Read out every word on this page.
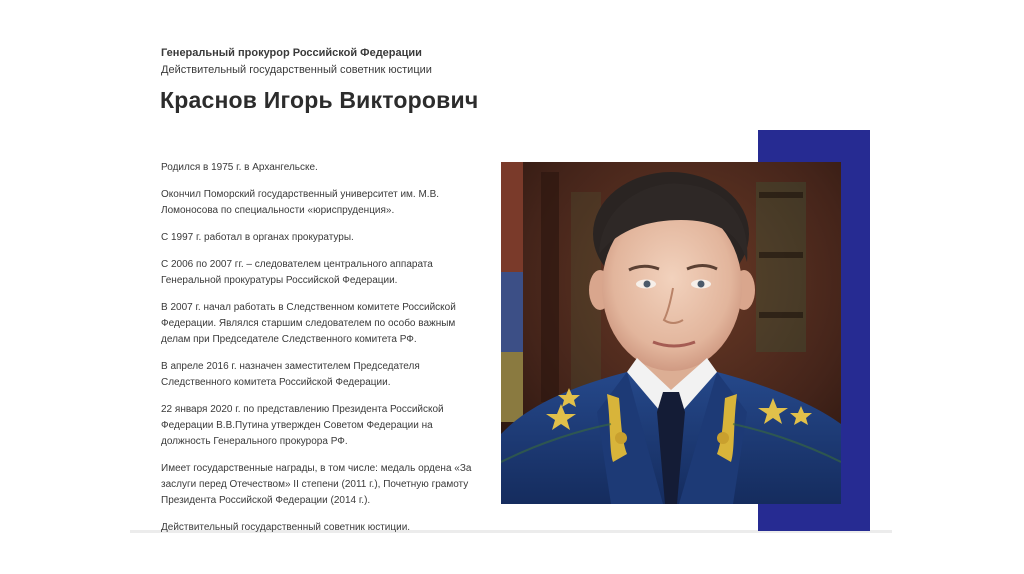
Генеральный прокурор Российской Федерации
Действительный государственный советник юстиции
Краснов Игорь Викторович

Родился в 1975 г. в Архангельске.

Окончил Поморский государственный университет им. М.В. Ломоносова по специальности «юриспруденция».

С 1997 г. работал в органах прокуратуры.

С 2006 по 2007 гг. – следователем центрального аппарата Генеральной прокуратуры Российской Федерации.

В 2007 г. начал работать в Следственном комитете Российской Федерации. Являлся старшим следователем по особо важным делам при Председателе Следственного комитета РФ.

В апреле 2016 г. назначен заместителем Председателя Следственного комитета Российской Федерации.

22 января 2020 г. по представлению Президента Российской Федерации В.В.Путина утвержден Советом Федерации на должность Генерального прокурора РФ.

Имеет государственные награды, в том числе: медаль ордена «За заслуги перед Отечеством» II степени (2011 г.), Почетную грамоту Президента Российской Федерации (2014 г.).

Действительный государственный советник юстиции.
